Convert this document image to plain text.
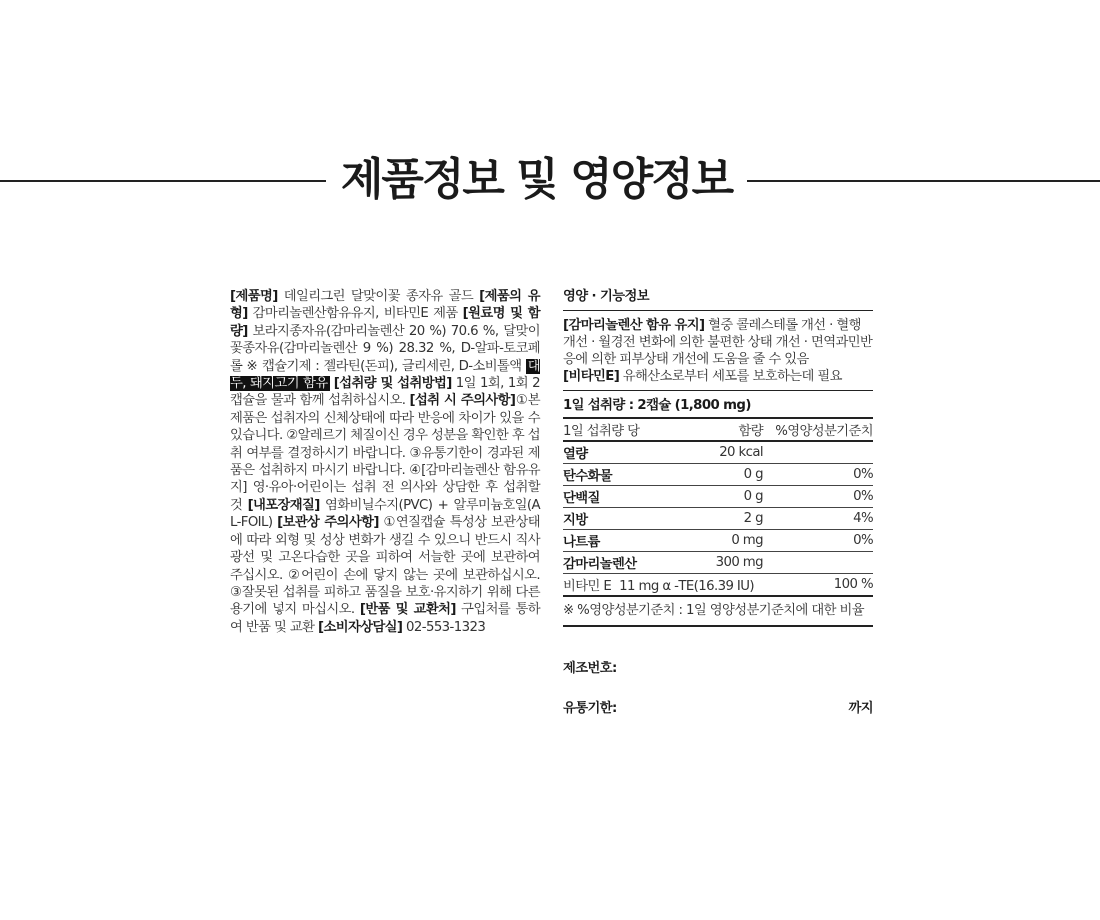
제품정보 및 영양정보
[제품명] 데일리그린 달맞이꽃 종자유 골드 [제품의 유형] 감마리놀렌산함유유지, 비타민E 제품 [원료명 및 함량] 보라지종자유(감마리놀렌산 20 %) 70.6 %, 달맞이꽃종자유(감마리놀렌산 9 %) 28.32 %, D-알파-토코페롤 ※ 캡슐기제 : 젤라틴(돈피), 글리세린, D-소비톨액 대두, 돼지고기 함유 [섭취량 및 섭취방법] 1일 1회, 1회 2캡슐을 물과 함께 섭취하십시오. [섭취 시 주의사항]①본 제품은 섭취자의 신체상태에 따라 반응에 차이가 있을 수 있습니다. ②알레르기 체질이신 경우 성분을 확인한 후 섭취 여부를 결정하시기 바랍니다. ③유통기한이 경과된 제품은 섭취하지 마시기 바랍니다. ④[감마리놀렌산 함유유지] 영·유아·어린이는 섭취 전 의사와 상담한 후 섭취할 것 [내포장재질] 염화비닐수지(PVC) + 알루미늄호일(AL-FOIL) [보관상 주의사항] ①연질캡슐 특성상 보관상태에 따라 외형 및 성상 변화가 생길 수 있으니 반드시 직사광선 및 고온다습한 곳을 피하여 서늘한 곳에 보관하여 주십시오. ②어린이 손에 닿지 않는 곳에 보관하십시오. ③잘못된 섭취를 피하고 품질을 보호·유지하기 위해 다른 용기에 넣지 마십시오. [반품 및 교환처] 구입처를 통하여 반품 및 교환 [소비자상담실] 02-553-1323
영양 · 기능정보

[감마리놀렌산 함유 유지] 혈중 콜레스테롤 개선 · 혈행개선 · 월경전 변화에 의한 불편한 상태 개선 · 면역과민반응에 의한 피부상태 개선에 도움을 줄 수 있음

[비타민E] 유해산소로부터 세포를 보호하는데 필요

1일 섭취량 : 2캡슐 (1,800 mg)
1일 섭취량 당	함량	%영양성분기준치
열량	20 kcal	
탄수화물	0 g	0%
단백질	0 g	0%
지방	2 g	4%
나트륨	0 mg	0%
감마리놀렌산	300 mg	
비타민 E 11 mg α -TE(16.39 IU)		100 %
※ %영양성분기준치 : 1일 영양성분기준치에 대한 비율
제조번호:
유통기한:	까지
